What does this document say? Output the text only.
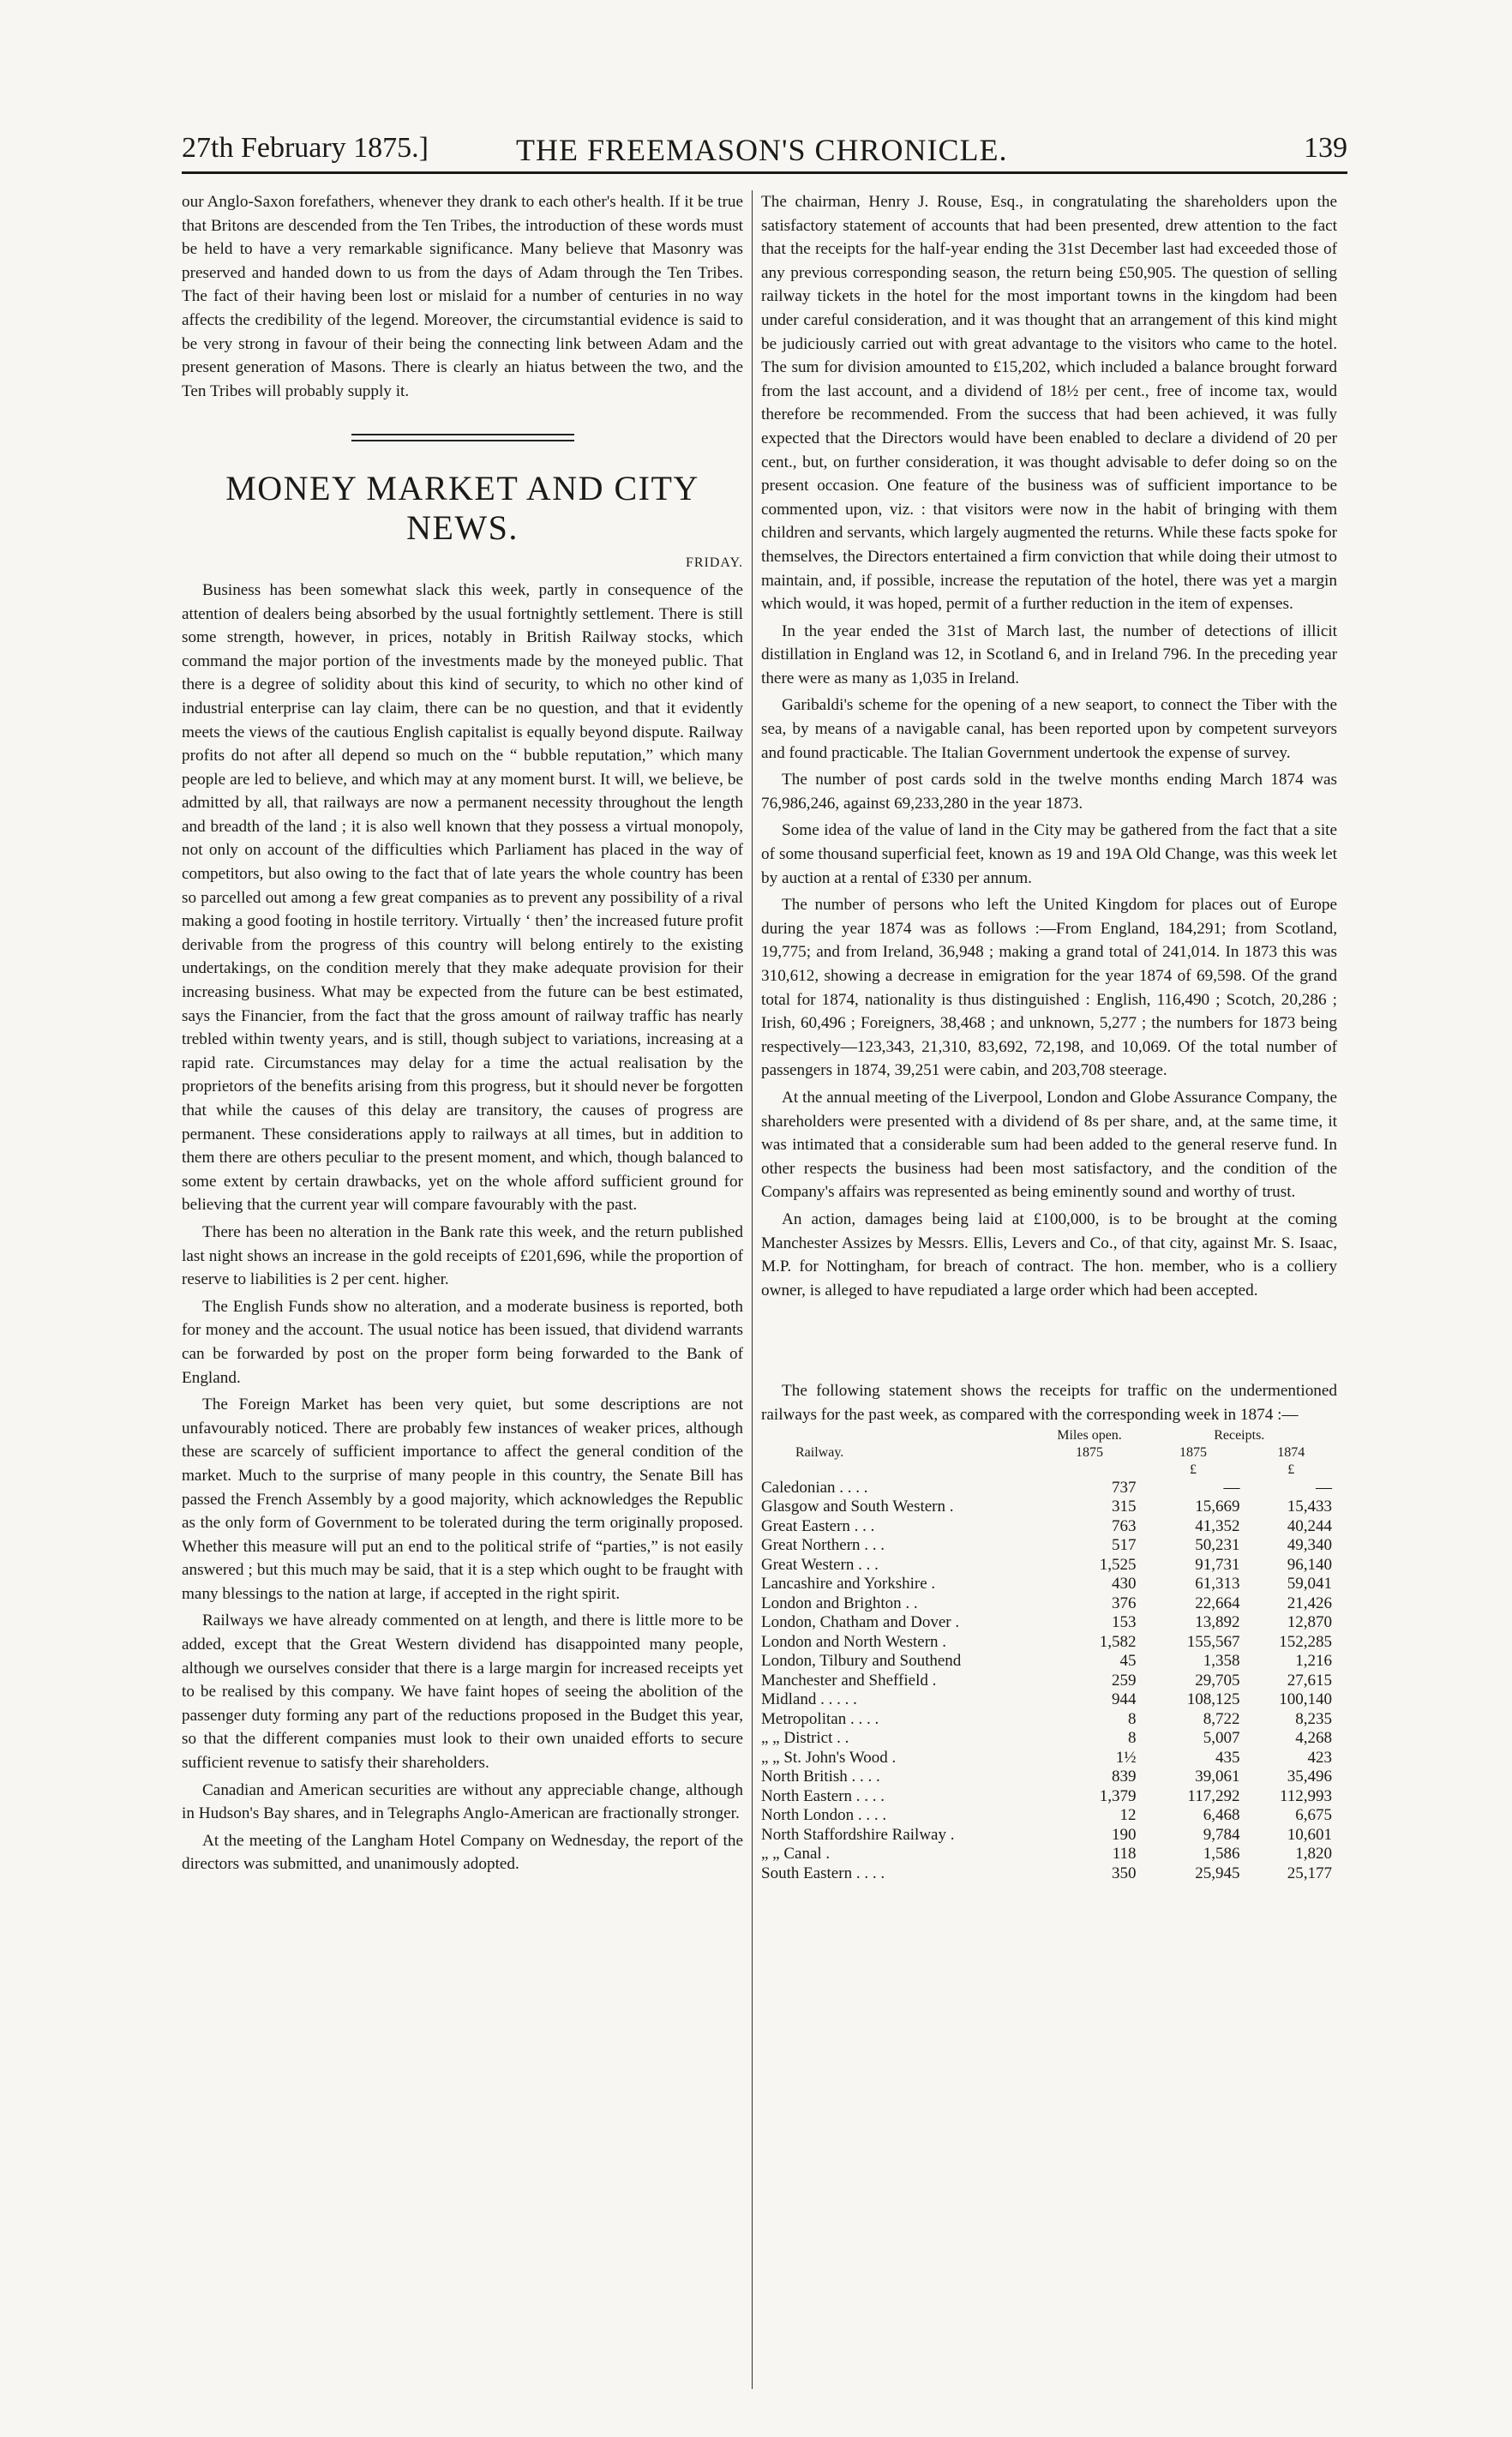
27th February 1875.]	THE FREEMASON'S CHRONICLE.	139

our Anglo-Saxon forefathers, whenever they drank to each other's health. If it be true that Britons are descended from the Ten Tribes, the introduction of these words must be held to have a very remarkable significance. Many believe that Masonry was preserved and handed down to us from the days of Adam through the Ten Tribes. The fact of their having been lost or mislaid for a number of centuries in no way affects the credibility of the legend. Moreover, the circumstantial evidence is said to be very strong in favour of their being the connecting link between Adam and the present generation of Masons. There is clearly an hiatus between the two, and the Ten Tribes will probably supply it.

MONEY MARKET AND CITY NEWS.
FRIDAY.

Business has been somewhat slack this week, partly in consequence of the attention of dealers being absorbed by the usual fortnightly settlement. There is still some strength, however, in prices, notably in British Railway stocks, which command the major portion of the investments made by the moneyed public. That there is a degree of solidity about this kind of security, to which no other kind of industrial enterprise can lay claim, there can be no question, and that it evidently meets the views of the cautious English capitalist is equally beyond dispute. Railway profits do not after all depend so much on the “ bubble reputation,” which many people are led to believe, and which may at any moment burst. It will, we believe, be admitted by all, that railways are now a permanent necessity throughout the length and breadth of the land ; it is also well known that they possess a virtual monopoly, not only on account of the difficulties which Parliament has placed in the way of competitors, but also owing to the fact that of late years the whole country has been so parcelled out among a few great companies as to prevent any possibility of a rival making a good footing in hostile territory. Virtually ‘ then’ the increased future profit derivable from the progress of this country will belong entirely to the existing undertakings, on the condition merely that they make adequate provision for their increasing business. What may be expected from the future can be best estimated, says the Financier, from the fact that the gross amount of railway traffic has nearly trebled within twenty years, and is still, though subject to variations, increasing at a rapid rate. Circumstances may delay for a time the actual realisation by the proprietors of the benefits arising from this progress, but it should never be forgotten that while the causes of this delay are transitory, the causes of progress are permanent. These considerations apply to railways at all times, but in addition to them there are others peculiar to the present moment, and which, though balanced to some extent by certain drawbacks, yet on the whole afford sufficient ground for believing that the current year will compare favourably with the past.

There has been no alteration in the Bank rate this week, and the return published last night shows an increase in the gold receipts of £201,696, while the proportion of reserve to liabilities is 2 per cent. higher.

The English Funds show no alteration, and a moderate business is reported, both for money and the account. The usual notice has been issued, that dividend warrants can be forwarded by post on the proper form being forwarded to the Bank of England.

The Foreign Market has been very quiet, but some descriptions are not unfavourably noticed. There are probably few instances of weaker prices, although these are scarcely of sufficient importance to affect the general condition of the market. Much to the surprise of many people in this country, the Senate Bill has passed the French Assembly by a good majority, which acknowledges the Republic as the only form of Government to be tolerated during the term originally proposed. Whether this measure will put an end to the political strife of “parties,” is not easily answered ; but this much may be said, that it is a step which ought to be fraught with many blessings to the nation at large, if accepted in the right spirit.

Railways we have already commented on at length, and there is little more to be added, except that the Great Western dividend has disappointed many people, although we ourselves consider that there is a large margin for increased receipts yet to be realised by this company. We have faint hopes of seeing the abolition of the passenger duty forming any part of the reductions proposed in the Budget this year, so that the different companies must look to their own unaided efforts to secure sufficient revenue to satisfy their shareholders.

Canadian and American securities are without any appreciable change, although in Hudson's Bay shares, and in Telegraphs Anglo-American are fractionally stronger.

At the meeting of the Langham Hotel Company on Wednesday, the report of the directors was submitted, and unanimously adopted.

The chairman, Henry J. Rouse, Esq., in congratulating the shareholders upon the satisfactory statement of accounts that had been presented, drew attention to the fact that the receipts for the half-year ending the 31st December last had exceeded those of any previous corresponding season, the return being £50,905. The question of selling railway tickets in the hotel for the most important towns in the kingdom had been under careful consideration, and it was thought that an arrangement of this kind might be judiciously carried out with great advantage to the visitors who came to the hotel. The sum for division amounted to £15,202, which included a balance brought forward from the last account, and a dividend of 18½ per cent., free of income tax, would therefore be recommended. From the success that had been achieved, it was fully expected that the Directors would have been enabled to declare a dividend of 20 per cent., but, on further consideration, it was thought advisable to defer doing so on the present occasion. One feature of the business was of sufficient importance to be commented upon, viz. : that visitors were now in the habit of bringing with them children and servants, which largely augmented the returns. While these facts spoke for themselves, the Directors entertained a firm conviction that while doing their utmost to maintain, and, if possible, increase the reputation of the hotel, there was yet a margin which would, it was hoped, permit of a further reduction in the item of expenses.

In the year ended the 31st of March last, the number of detections of illicit distillation in England was 12, in Scotland 6, and in Ireland 796. In the preceding year there were as many as 1,035 in Ireland.

Garibaldi's scheme for the opening of a new seaport, to connect the Tiber with the sea, by means of a navigable canal, has been reported upon by competent surveyors and found practicable. The Italian Government undertook the expense of survey.

The number of post cards sold in the twelve months ending March 1874 was 76,986,246, against 69,233,280 in the year 1873.

Some idea of the value of land in the City may be gathered from the fact that a site of some thousand superficial feet, known as 19 and 19A Old Change, was this week let by auction at a rental of £330 per annum.

The number of persons who left the United Kingdom for places out of Europe during the year 1874 was as follows :—From England, 184,291; from Scotland, 19,775; and from Ireland, 36,948 ; making a grand total of 241,014. In 1873 this was 310,612, showing a decrease in emigration for the year 1874 of 69,598. Of the grand total for 1874, nationality is thus distinguished : English, 116,490 ; Scotch, 20,286 ; Irish, 60,496 ; Foreigners, 38,468 ; and unknown, 5,277 ; the numbers for 1873 being respectively—123,343, 21,310, 83,692, 72,198, and 10,069. Of the total number of passengers in 1874, 39,251 were cabin, and 203,708 steerage.

At the annual meeting of the Liverpool, London and Globe Assurance Company, the shareholders were presented with a dividend of 8s per share, and, at the same time, it was intimated that a considerable sum had been added to the general reserve fund. In other respects the business had been most satisfactory, and the condition of the Company's affairs was represented as being eminently sound and worthy of trust.

An action, damages being laid at £100,000, is to be brought at the coming Manchester Assizes by Messrs. Ellis, Levers and Co., of that city, against Mr. S. Isaac, M.P. for Nottingham, for breach of contract. The hon. member, who is a colliery owner, is alleged to have repudiated a large order which had been accepted.

The following statement shows the receipts for traffic on the undermentioned railways for the past week, as compared with the corresponding week in 1874 :—

Railway.	Miles open.	Receipts.	
	1875	1875	1874
		£	£
Caledonian . . . .	737	—	—
Glasgow and South Western .	315	15,669	15,433
Great Eastern . . .	763	41,352	40,244
Great Northern . . .	517	50,231	49,340
Great Western . . .	1,525	91,731	96,140
Lancashire and Yorkshire .	430	61,313	59,041
London and Brighton . .	376	22,664	21,426
London, Chatham and Dover .	153	13,892	12,870
London and North Western .	1,582	155,567	152,285
London, Tilbury and Southend	45	1,358	1,216
Manchester and Sheffield .	259	29,705	27,615
Midland . . . . .	944	108,125	100,140
Metropolitan . . . .	8	8,722	8,235
„ „ District . .	8	5,007	4,268
„ „ St. John's Wood .	1½	435	423
North British . . . .	839	39,061	35,496
North Eastern . . . .	1,379	117,292	112,993
North London . . . .	12	6,468	6,675
North Staffordshire Railway .	190	9,784	10,601
„ „ Canal .	118	1,586	1,820
South Eastern . . . .	350	25,945	25,177
